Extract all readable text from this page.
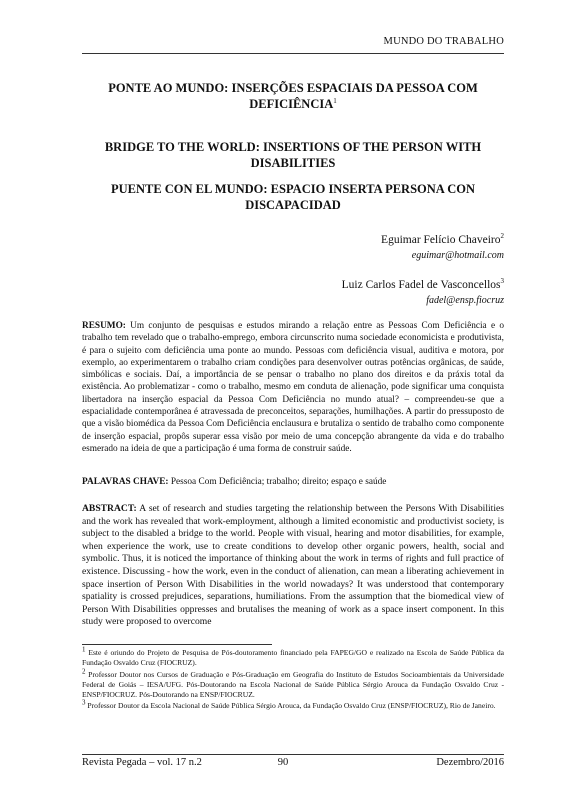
MUNDO DO TRABALHO
PONTE AO MUNDO: INSERÇÕES ESPACIAIS DA PESSOA COM DEFICIÊNCIA$^1$
BRIDGE TO THE WORLD: INSERTIONS OF THE PERSON WITH DISABILITIES
PUENTE CON EL MUNDO: ESPACIO INSERTA PERSONA CON DISCAPACIDAD
Eguimar Felício Chaveiro$^2$
eguimar@hotmail.com
Luiz Carlos Fadel de Vasconcellos$^3$
fadel@ensp.fiocruz
RESUMO: Um conjunto de pesquisas e estudos mirando a relação entre as Pessoas Com Deficiência e o trabalho tem revelado que o trabalho-emprego, embora circunscrito numa sociedade economicista e produtivista, é para o sujeito com deficiência uma ponte ao mundo. Pessoas com deficiência visual, auditiva e motora, por exemplo, ao experimentarem o trabalho criam condições para desenvolver outras potências orgânicas, de saúde, simbólicas e sociais. Daí, a importância de se pensar o trabalho no plano dos direitos e da práxis total da existência. Ao problematizar - como o trabalho, mesmo em conduta de alienação, pode significar uma conquista libertadora na inserção espacial da Pessoa Com Deficiência no mundo atual? – compreendeu-se que a espacialidade contemporânea é atravessada de preconceitos, separações, humilhações. A partir do pressuposto de que a visão biomédica da Pessoa Com Deficiência enclausura e brutaliza o sentido de trabalho como componente de inserção espacial, propôs superar essa visão por meio de uma concepção abrangente da vida e do trabalho esmerado na ideia de que a participação é uma forma de construir saúde.
PALAVRAS CHAVE: Pessoa Com Deficiência; trabalho; direito; espaço e saúde
ABSTRACT: A set of research and studies targeting the relationship between the Persons With Disabilities and the work has revealed that work-employment, although a limited economistic and productivist society, is subject to the disabled a bridge to the world. People with visual, hearing and motor disabilities, for example, when experience the work, use to create conditions to develop other organic powers, health, social and symbolic. Thus, it is noticed the importance of thinking about the work in terms of rights and full practice of existence. Discussing - how the work, even in the conduct of alienation, can mean a liberating achievement in space insertion of Person With Disabilities in the world nowadays? It was understood that contemporary spatiality is crossed prejudices, separations, humiliations. From the assumption that the biomedical view of Person With Disabilities oppresses and brutalises the meaning of work as a space insert component. In this study were proposed to overcome

$^1$ Este é oriundo do Projeto de Pesquisa de Pós-doutoramento financiado pela FAPEG/GO e realizado na Escola de Saúde Pública da Fundação Osvaldo Cruz (FIOCRUZ).

$^2$ Professor Doutor nos Cursos de Graduação e Pós-Graduação em Geografia do Instituto de Estudos Socioambientais da Universidade Federal de Goiás – IESA/UFG. Pós-Doutorando na Escola Nacional de Saúde Pública Sérgio Arouca da Fundação Osvaldo Cruz - ENSP/FIOCRUZ. Pós-Doutorando na ENSP/FIOCRUZ.

$^3$ Professor Doutor da Escola Nacional de Saúde Pública Sérgio Arouca, da Fundação Osvaldo Cruz (ENSP/FIOCRUZ), Rio de Janeiro.

Revista Pegada – vol. 17 n.2	90	Dezembro/2016
